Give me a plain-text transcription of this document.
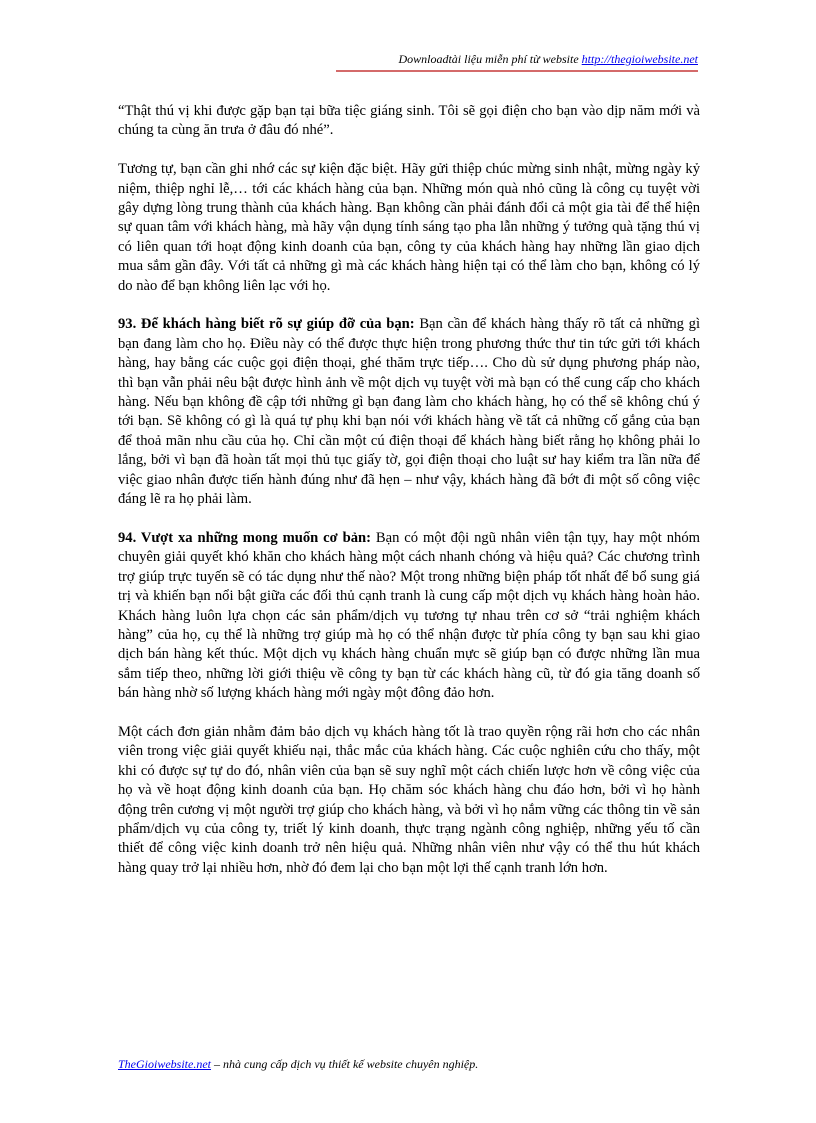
Downloadtài liệu miễn phí từ website http://thegioiwebsite.net

“Thật thú vị khi được gặp bạn tại bữa tiệc giáng sinh. Tôi sẽ gọi điện cho bạn vào dịp năm mới và chúng ta cùng ăn trưa ở đâu đó nhé”.

Tương tự, bạn cần ghi nhớ các sự kiện đặc biệt. Hãy gửi thiệp chúc mừng sinh nhật, mừng ngày kỷ niệm, thiệp nghỉ lễ,… tới các khách hàng của bạn. Những món quà nhỏ cũng là công cụ tuyệt vời gây dựng lòng trung thành của khách hàng. Bạn không cần phải đánh đổi cả một gia tài để thể hiện sự quan tâm với khách hàng, mà hãy vận dụng tính sáng tạo pha lẫn những ý tưởng quà tặng thú vị có liên quan tới hoạt động kinh doanh của bạn, công ty của khách hàng hay những lần giao dịch mua sắm gần đây. Với tất cả những gì mà các khách hàng hiện tại có thể làm cho bạn, không có lý do nào để bạn không liên lạc với họ.

93. Để khách hàng biết rõ sự giúp đỡ của bạn: Bạn cần để khách hàng thấy rõ tất cả những gì bạn đang làm cho họ. Điều này có thể được thực hiện trong phương thức thư tin tức gửi tới khách hàng, hay bằng các cuộc gọi điện thoại, ghé thăm trực tiếp…. Cho dù sử dụng phương pháp nào, thì bạn vẫn phải nêu bật được hình ảnh về một dịch vụ tuyệt vời mà bạn có thể cung cấp cho khách hàng. Nếu bạn không đề cập tới những gì bạn đang làm cho khách hàng, họ có thể sẽ không chú ý tới bạn. Sẽ không có gì là quá tự phụ khi bạn nói với khách hàng về tất cả những cố gắng của bạn để thoả mãn nhu cầu của họ. Chỉ cần một cú điện thoại để khách hàng biết rằng họ không phải lo lắng, bởi vì bạn đã hoàn tất mọi thủ tục giấy tờ, gọi điện thoại cho luật sư hay kiểm tra lần nữa để việc giao nhân được tiến hành đúng như đã hẹn – như vậy, khách hàng đã bớt đi một số công việc đáng lẽ ra họ phải làm.

94. Vượt xa những mong muốn cơ bản: Bạn có một đội ngũ nhân viên tận tụy, hay một nhóm chuyên giải quyết khó khăn cho khách hàng một cách nhanh chóng và hiệu quả? Các chương trình trợ giúp trực tuyến sẽ có tác dụng như thế nào? Một trong những biện pháp tốt nhất để bổ sung giá trị và khiến bạn nổi bật giữa các đối thủ cạnh tranh là cung cấp một dịch vụ khách hàng hoàn hảo. Khách hàng luôn lựa chọn các sản phẩm/dịch vụ tương tự nhau trên cơ sở “trải nghiệm khách hàng” của họ, cụ thể là những trợ giúp mà họ có thể nhận được từ phía công ty bạn sau khi giao dịch bán hàng kết thúc. Một dịch vụ khách hàng chuẩn mực sẽ giúp bạn có được những lần mua sắm tiếp theo, những lời giới thiệu về công ty bạn từ các khách hàng cũ, từ đó gia tăng doanh số bán hàng nhờ số lượng khách hàng mới ngày một đông đảo hơn.

Một cách đơn giản nhằm đảm bảo dịch vụ khách hàng tốt là trao quyền rộng rãi hơn cho các nhân viên trong việc giải quyết khiếu nại, thắc mắc của khách hàng. Các cuộc nghiên cứu cho thấy, một khi có được sự tự do đó, nhân viên của bạn sẽ suy nghĩ một cách chiến lược hơn về công việc của họ và về hoạt động kinh doanh của bạn. Họ chăm sóc khách hàng chu đáo hơn, bởi vì họ hành động trên cương vị một người trợ giúp cho khách hàng, và bởi vì họ nắm vững các thông tin về sản phẩm/dịch vụ của công ty, triết lý kinh doanh, thực trạng ngành công nghiệp, những yếu tố cần thiết để công việc kinh doanh trở nên hiệu quả. Những nhân viên như vậy có thể thu hút khách hàng quay trở lại nhiều hơn, nhờ đó đem lại cho bạn một lợi thế cạnh tranh lớn hơn.

TheGioiwebsite.net – nhà cung cấp dịch vụ thiết kế website chuyên nghiệp.
